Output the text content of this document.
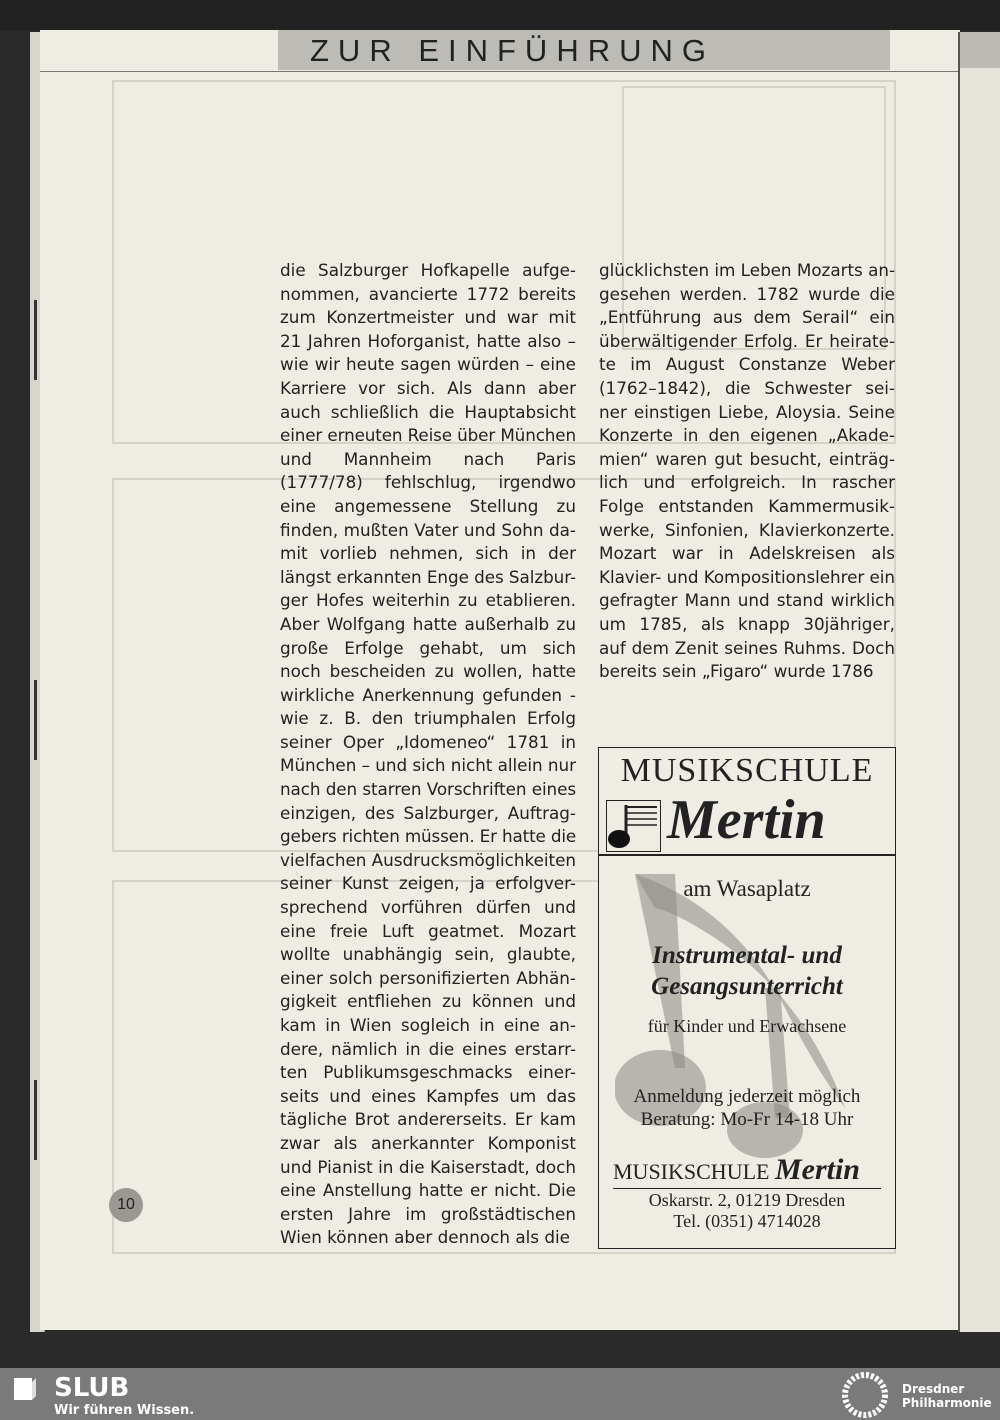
ZUR EINFÜHRUNG
die Salzburger Hofkapelle aufge-
nommen, avancierte 1772 bereits
zum Konzertmeister und war mit
21 Jahren Hoforganist, hatte also –
wie wir heute sagen würden – eine
Karriere vor sich. Als dann aber
auch schließlich die Hauptabsicht
einer erneuten Reise über München
und Mannheim nach Paris
(1777/78) fehlschlug, irgendwo
eine angemessene Stellung zu
finden, mußten Vater und Sohn da-
mit vorlieb nehmen, sich in der
längst erkannten Enge des Salzbur-
ger Hofes weiterhin zu etablieren.
Aber Wolfgang hatte außerhalb zu
große Erfolge gehabt, um sich
noch bescheiden zu wollen, hatte
wirkliche Anerkennung gefunden -
wie z. B. den triumphalen Erfolg
seiner Oper „Idomeneo“ 1781 in
München – und sich nicht allein nur
nach den starren Vorschriften eines
einzigen, des Salzburger, Auftrag-
gebers richten müssen. Er hatte die
vielfachen Ausdrucksmöglichkeiten
seiner Kunst zeigen, ja erfolgver-
sprechend vorführen dürfen und
eine freie Luft geatmet. Mozart
wollte unabhängig sein, glaubte,
einer solch personifizierten Abhän-
gigkeit entfliehen zu können und
kam in Wien sogleich in eine an-
dere, nämlich in die eines erstarr-
ten Publikumsgeschmacks einer-
seits und eines Kampfes um das
tägliche Brot andererseits. Er kam
zwar als anerkannter Komponist
und Pianist in die Kaiserstadt, doch
eine Anstellung hatte er nicht. Die
ersten Jahre im großstädtischen
Wien können aber dennoch als die
glücklichsten im Leben Mozarts an-
gesehen werden. 1782 wurde die
„Entführung aus dem Serail“ ein
überwältigender Erfolg. Er heirate-
te im August Constanze Weber
(1762–1842), die Schwester sei-
ner einstigen Liebe, Aloysia. Seine
Konzerte in den eigenen „Akade-
mien“ waren gut besucht, einträg-
lich und erfolgreich. In rascher
Folge entstanden Kammermusik-
werke, Sinfonien, Klavierkonzerte.
Mozart war in Adelskreisen als
Klavier- und Kompositionslehrer ein
gefragter Mann und stand wirklich
um 1785, als knapp 30jähriger,
auf dem Zenit seines Ruhms. Doch
bereits sein „Figaro“ wurde 1786
MUSIKSCHULE
Mertin
am Wasaplatz
Instrumental- und
Gesangsunterricht
für Kinder und Erwachsene
Anmeldung jederzeit möglich
Beratung: Mo-Fr 14-18 Uhr
MUSIKSCHULE Mertin
Oskarstr. 2, 01219 Dresden
Tel. (0351) 4714028
10
SLUB
Wir führen Wissen.
Dresdner
Philharmonie
